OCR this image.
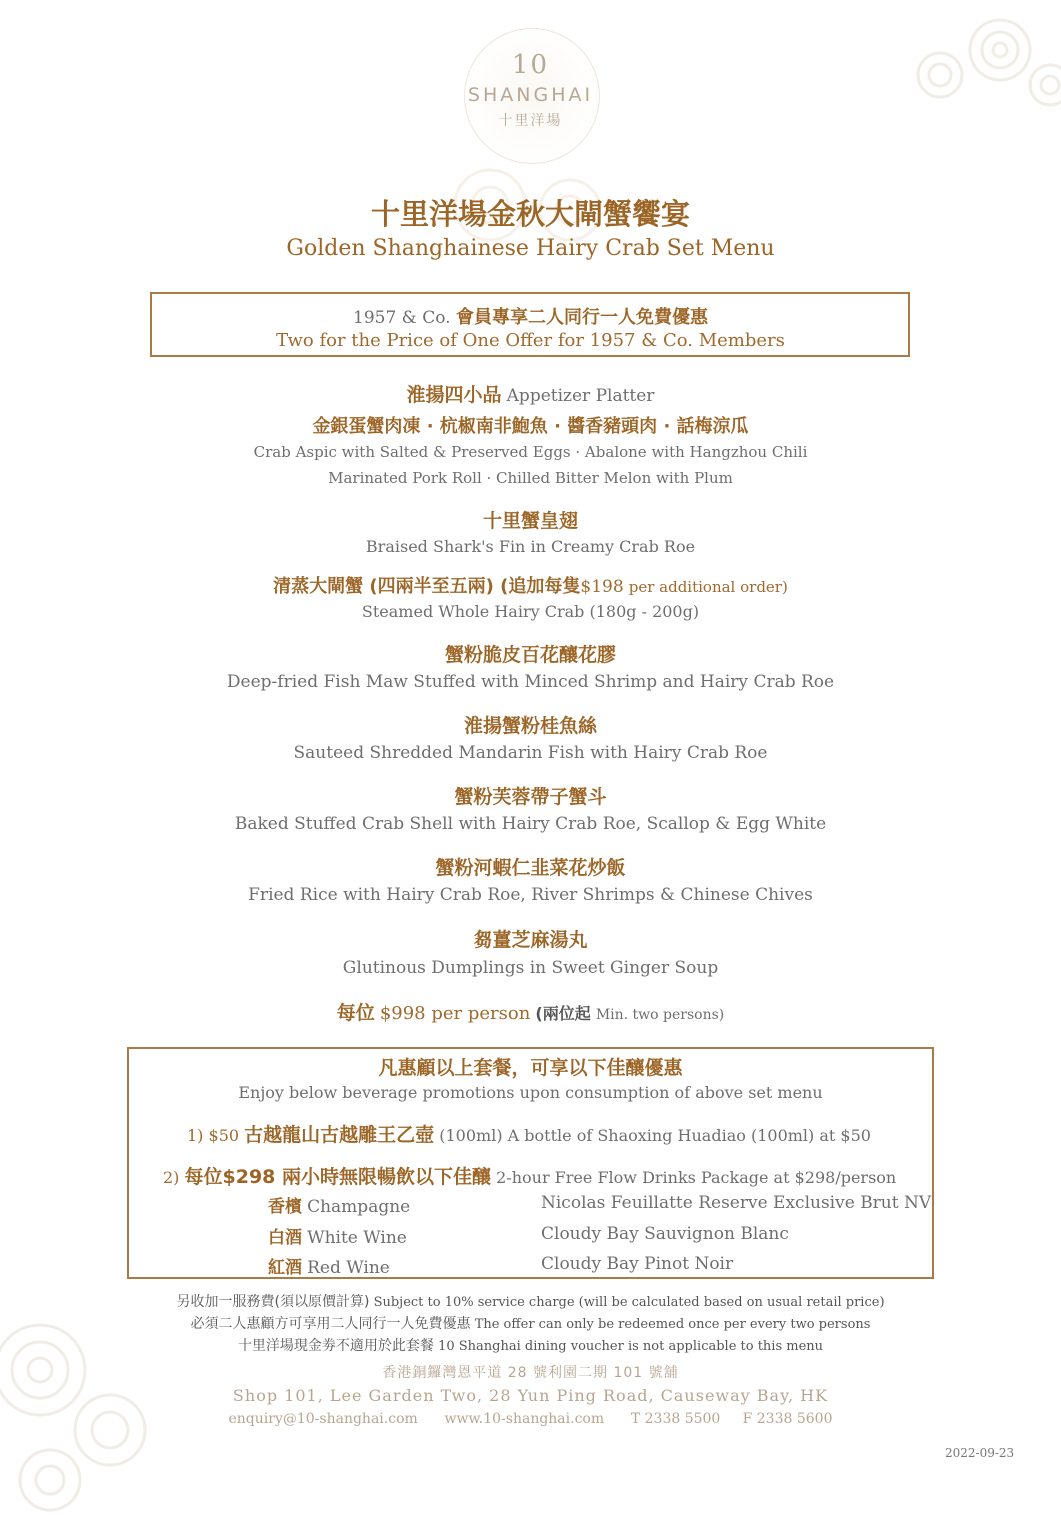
10
SHANGHAI
十里洋場
十里洋場金秋大閘蟹饗宴
Golden Shanghainese Hairy Crab Set Menu
1957 & Co. 會員專享二人同行一人免費優惠
Two for the Price of One Offer for 1957 & Co. Members
淮揚四小品 Appetizer Platter
金銀蛋蟹肉凍 · 杭椒南非鮑魚 · 醬香豬頭肉 · 話梅涼瓜
Crab Aspic with Salted & Preserved Eggs · Abalone with Hangzhou Chili
Marinated Pork Roll · Chilled Bitter Melon with Plum
十里蟹皇翅
Braised Shark's Fin in Creamy Crab Roe
清蒸大閘蟹 (四兩半至五兩) (追加每隻$198 per additional order)
Steamed Whole Hairy Crab (180g - 200g)
蟹粉脆皮百花釀花膠
Deep-fried Fish Maw Stuffed with Minced Shrimp and Hairy Crab Roe
淮揚蟹粉桂魚絲
Sauteed Shredded Mandarin Fish with Hairy Crab Roe
蟹粉芙蓉帶子蟹斗
Baked Stuffed Crab Shell with Hairy Crab Roe, Scallop & Egg White
蟹粉河蝦仁韭菜花炒飯
Fried Rice with Hairy Crab Roe, River Shrimps & Chinese Chives
芻薑芝麻湯丸
Glutinous Dumplings in Sweet Ginger Soup
每位 $998 per person (兩位起 Min. two persons)
凡惠顧以上套餐，可享以下佳釀優惠
Enjoy below beverage promotions upon consumption of above set menu
1) $50 古越龍山古越雕王乙壺 (100ml) A bottle of Shaoxing Huadiao (100ml) at $50
2) 每位$298 兩小時無限暢飲以下佳釀 2-hour Free Flow Drinks Package at $298/person
香檳 Champagne	Nicolas Feuillatte Reserve Exclusive Brut NV
白酒 White Wine	Cloudy Bay Sauvignon Blanc
紅酒 Red Wine	Cloudy Bay Pinot Noir
另收加一服務費(須以原價計算) Subject to 10% service charge (will be calculated based on usual retail price)
必須二人惠顧方可享用二人同行一人免費優惠 The offer can only be redeemed once per every two persons
十里洋場現金劵不適用於此套餐 10 Shanghai dining voucher is not applicable to this menu
香港銅鑼灣恩平道 28 號利園二期 101 號舖
Shop 101, Lee Garden Two, 28 Yun Ping Road, Causeway Bay, HK
enquiry@10-shanghai.com www.10-shanghai.com T 2338 5500 F 2338 5600
2022-09-23
